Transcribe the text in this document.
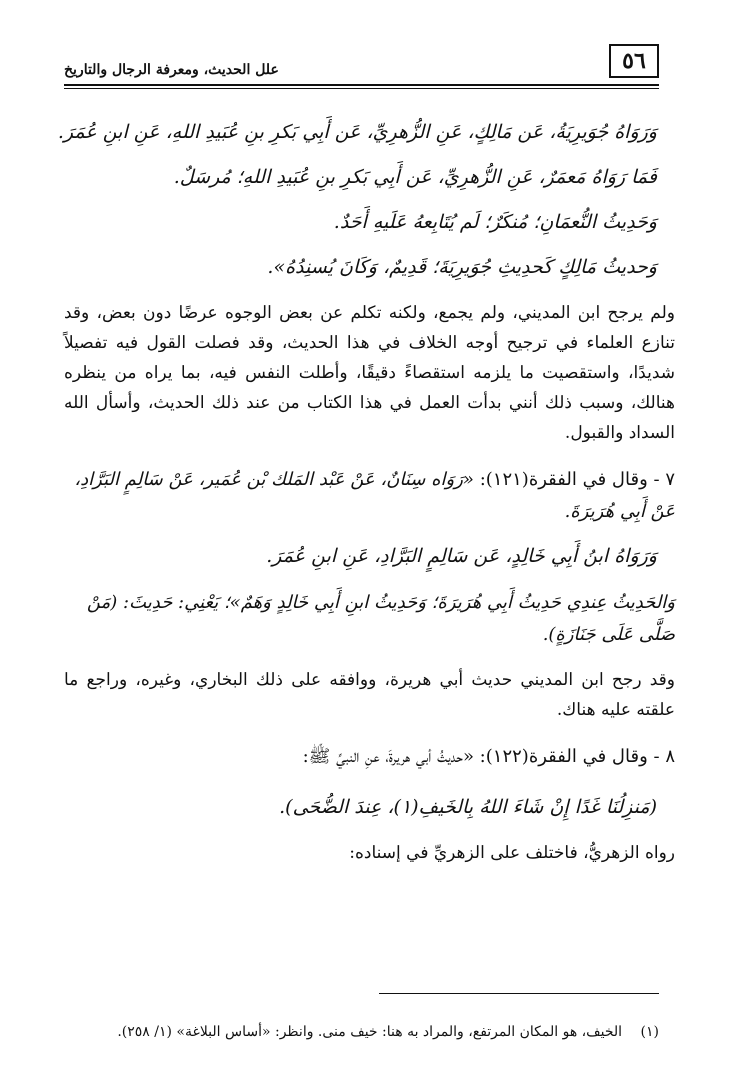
٥٦
علل الحديث، ومعرفة الرجال والتاريخ

وَرَوَاهُ جُوَيرِيَةُ، عَن مَالِكٍ، عَنِ الزُّهرِيِّ، عَن أَبِي بَكرِ بنِ عُبَيدِ اللهِ، عَنِ ابنِ عُمَرَ.

فَمَا رَوَاهُ مَعمَرٌ، عَنِ الزُّهرِيِّ، عَن أَبِي بَكرِ بنِ عُبَيدِ اللهِ؛ مُرسَلٌ.

وَحَدِيثُ النُّعمَانِ؛ مُنكَرٌ؛ لَم يُتَابِعهُ عَلَيهِ أَحَدٌ.

وَحديثُ مَالِكٍ كَحدِيثِ جُوَيرِيَةَ؛ قَدِيمٌ، وَكَانَ يُسنِدُهُ».

ولم يرجح ابن المديني، ولم يجمع، ولكنه تكلم عن بعض الوجوه عرضًا دون بعض، وقد تنازع العلماء في ترجيح أوجه الخلاف في هذا الحديث، وقد فصلت القول فيه تفصيلاً شديدًا، واستقصيت ما يلزمه استقصاءً دقيقًا، وأطلت النفس فيه، بما يراه من ينظره هنالك، وسبب ذلك أنني بدأت العمل في هذا الكتاب من عند ذلك الحديث، وأسأل الله السداد والقبول.

٧ - وقال في الفقرة(١٢١): «رَوَاه سِنَانٌ، عَنْ عَبْد المَلك بْن عُمَير، عَنْ سَالِمٍ البَرَّادِ، عَنْ أَبِي هُرَيرَةَ.

وَرَوَاهُ ابنُ أَبِي خَالِدٍ، عَن سَالِمٍ البَرَّادِ، عَنِ ابنِ عُمَرَ.

وَالحَدِيثُ عِندِي حَدِيثُ أَبِي هُرَيرَةَ؛ وَحَدِيثُ ابنِ أَبِي خَالِدٍ وَهَمٌ»؛ يَعْنِي: حَدِيثَ: (مَنْ صَلَّى عَلَى جَنَازَةٍ).

وقد رجح ابن المديني حديث أبي هريرة، ووافقه على ذلك البخاري، وغيره، وراجع ما علقته عليه هناك.

٨ - وقال في الفقرة(١٢٢): «حديثُ أبي هريرةَ، عنِ النبيِّ ﷺ:

(مَنزِلُنَا غَدًا إِنْ شَاءَ اللهُ بِالخَيفِ(١)، عِندَ الضُّحَى).

رواه الزهريُّ، فاختلف على الزهريِّ في إسناده:

(١) الخيف، هو المكان المرتفع، والمراد به هنا: خيف منى. وانظر: «أساس البلاغة» (١/ ٢٥٨).
